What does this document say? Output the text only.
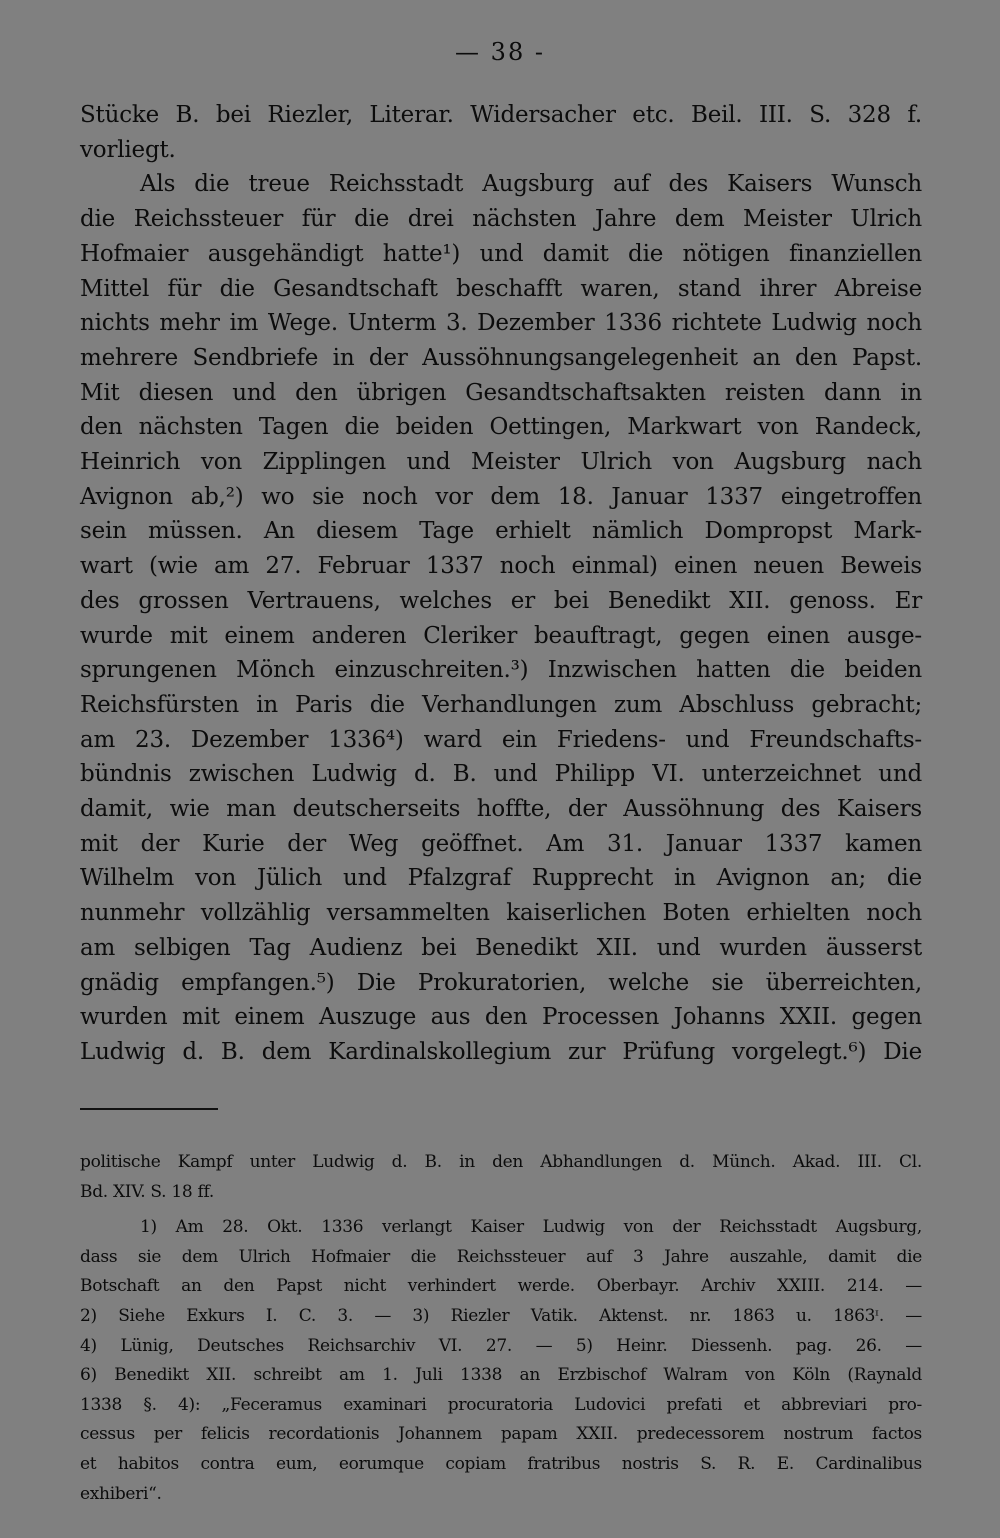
— 38 -
Stücke B. bei Riezler, Literar. Widersacher etc. Beil. III. S. 328 f.
vorliegt.
Als die treue Reichsstadt Augsburg auf des Kaisers Wunsch
die Reichssteuer für die drei nächsten Jahre dem Meister Ulrich
Hofmaier ausgehändigt hatte¹) und damit die nötigen finanziellen
Mittel für die Gesandtschaft beschafft waren, stand ihrer Abreise
nichts mehr im Wege. Unterm 3. Dezember 1336 richtete Ludwig noch
mehrere Sendbriefe in der Aussöhnungsangelegenheit an den Papst.
Mit diesen und den übrigen Gesandtschaftsakten reisten dann in
den nächsten Tagen die beiden Oettingen, Markwart von Randeck,
Heinrich von Zipplingen und Meister Ulrich von Augsburg nach
Avignon ab,²) wo sie noch vor dem 18. Januar 1337 eingetroffen
sein müssen. An diesem Tage erhielt nämlich Dompropst Mark-
wart (wie am 27. Februar 1337 noch einmal) einen neuen Beweis
des grossen Vertrauens, welches er bei Benedikt XII. genoss. Er
wurde mit einem anderen Cleriker beauftragt, gegen einen ausge-
sprungenen Mönch einzuschreiten.³) Inzwischen hatten die beiden
Reichsfürsten in Paris die Verhandlungen zum Abschluss gebracht;
am 23. Dezember 1336⁴) ward ein Friedens- und Freundschafts-
bündnis zwischen Ludwig d. B. und Philipp VI. unterzeichnet und
damit, wie man deutscherseits hoffte, der Aussöhnung des Kaisers
mit der Kurie der Weg geöffnet. Am 31. Januar 1337 kamen
Wilhelm von Jülich und Pfalzgraf Rupprecht in Avignon an; die
nunmehr vollzählig versammelten kaiserlichen Boten erhielten noch
am selbigen Tag Audienz bei Benedikt XII. und wurden äusserst
gnädig empfangen.⁵) Die Prokuratorien, welche sie überreichten,
wurden mit einem Auszuge aus den Processen Johanns XXII. gegen
Ludwig d. B. dem Kardinalskollegium zur Prüfung vorgelegt.⁶) Die
politische Kampf unter Ludwig d. B. in den Abhandlungen d. Münch. Akad. III. Cl.
Bd. XIV. S. 18 ff.
1) Am 28. Okt. 1336 verlangt Kaiser Ludwig von der Reichsstadt Augsburg,
dass sie dem Ulrich Hofmaier die Reichssteuer auf 3 Jahre auszahle, damit die
Botschaft an den Papst nicht verhindert werde. Oberbayr. Archiv XXIII. 214. —
2) Siehe Exkurs I. C. 3. — 3) Riezler Vatik. Aktenst. nr. 1863 u. 1863ᶦ. —
4) Lünig, Deutsches Reichsarchiv VI. 27. — 5) Heinr. Diessenh. pag. 26. —
6) Benedikt XII. schreibt am 1. Juli 1338 an Erzbischof Walram von Köln (Raynald
1338 §. 4): „Feceramus examinari procuratoria Ludovici prefati et abbreviari pro-
cessus per felicis recordationis Johannem papam XXII. predecessorem nostrum factos
et habitos contra eum, eorumque copiam fratribus nostris S. R. E. Cardinalibus
exhiberi“.
